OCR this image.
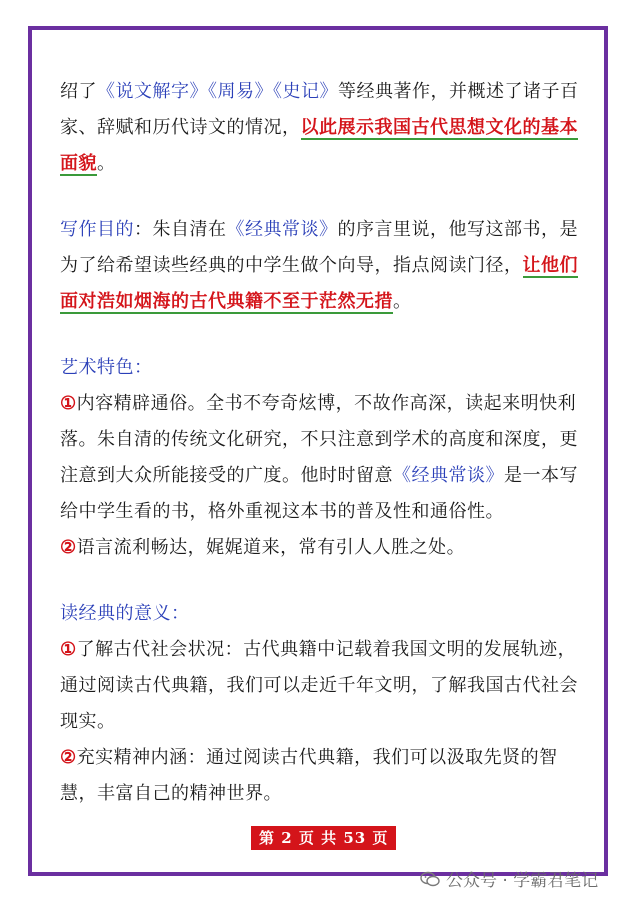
绍了《说文解字》《周易》《史记》等经典著作，并概述了诸子百家、辞赋和历代诗文的情况，以此展示我国古代思想文化的基本面貌。

写作目的：朱自清在《经典常谈》的序言里说，他写这部书，是为了给希望读些经典的中学生做个向导，指点阅读门径，让他们面对浩如烟海的古代典籍不至于茫然无措。

艺术特色：

①内容精辟通俗。全书不夸奇炫博，不故作高深，读起来明快利落。朱自清的传统文化研究，不只注意到学术的高度和深度，更注意到大众所能接受的广度。他时时留意《经典常谈》是一本写给中学生看的书，格外重视这本书的普及性和通俗性。

②语言流利畅达，娓娓道来，常有引人人胜之处。

读经典的意义：

①了解古代社会状况：古代典籍中记载着我国文明的发展轨迹，通过阅读古代典籍，我们可以走近千年文明，了解我国古代社会现实。

②充实精神内涵：通过阅读古代典籍，我们可以汲取先贤的智慧，丰富自己的精神世界。

第 2 页 共 53 页
公众号 · 学霸君笔记
